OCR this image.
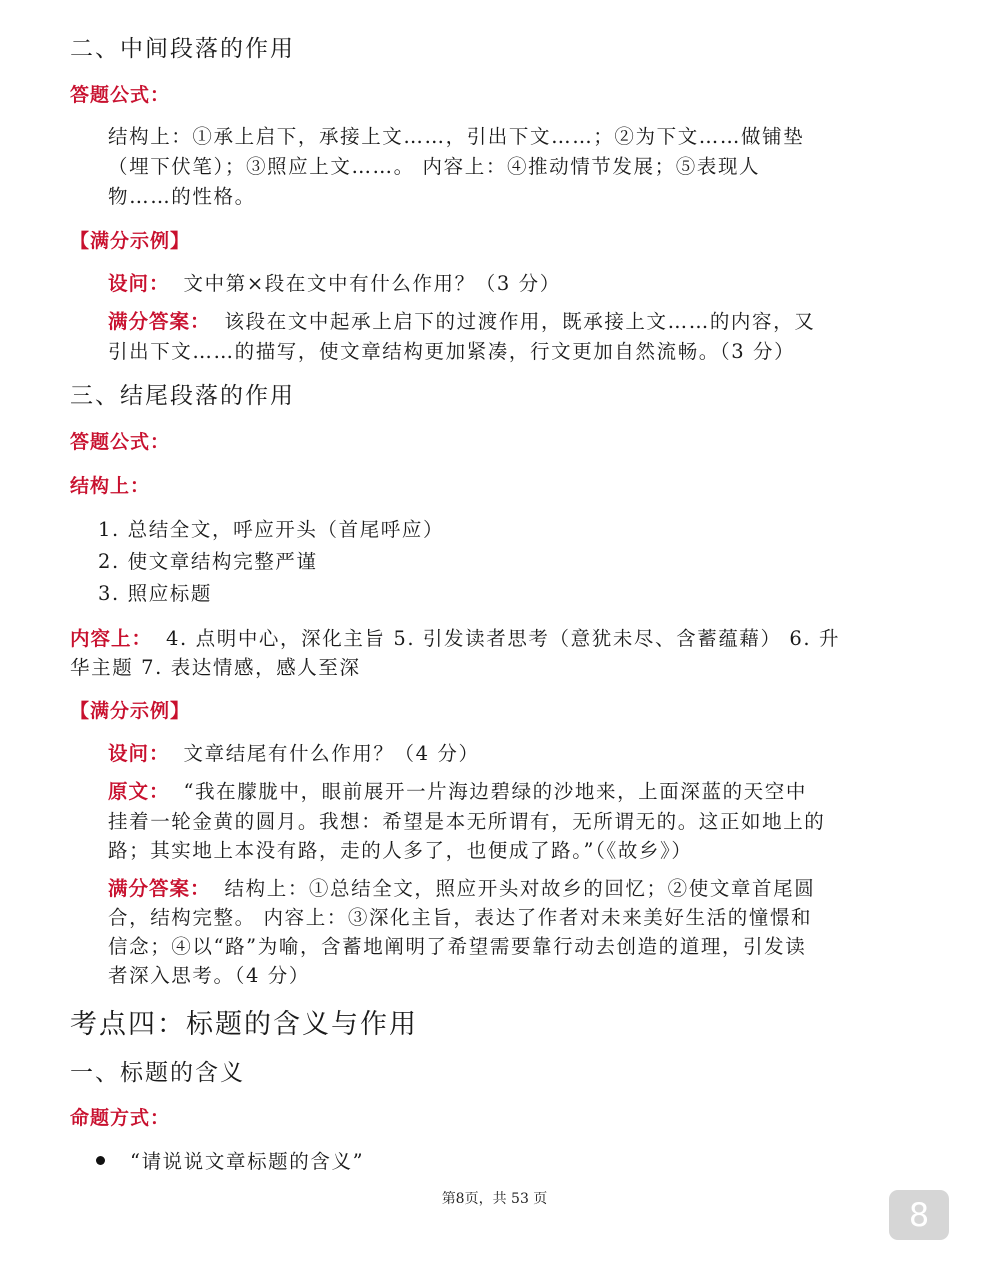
二、中间段落的作用
答题公式：
结构上：①承上启下，承接上文……，引出下文……；②为下文……做铺垫
（埋下伏笔）；③照应上文……。 内容上：④推动情节发展；⑤表现人
物……的性格。
【满分示例】
设问： 文中第×段在文中有什么作用？（3 分）
满分答案： 该段在文中起承上启下的过渡作用，既承接上文……的内容，又
引出下文……的描写，使文章结构更加紧凑，行文更加自然流畅。（3 分）
三、结尾段落的作用
答题公式：
结构上：
1. 总结全文，呼应开头（首尾呼应）
2. 使文章结构完整严谨
3. 照应标题
内容上： 4. 点明中心，深化主旨 5. 引发读者思考（意犹未尽、含蓄蕴藉） 6. 升
华主题 7. 表达情感，感人至深
【满分示例】
设问： 文章结尾有什么作用？（4 分）
原文： “我在朦胧中，眼前展开一片海边碧绿的沙地来，上面深蓝的天空中
挂着一轮金黄的圆月。我想：希望是本无所谓有，无所谓无的。这正如地上的
路；其实地上本没有路，走的人多了，也便成了路。”（《故乡》）
满分答案： 结构上：①总结全文，照应开头对故乡的回忆；②使文章首尾圆
合，结构完整。 内容上：③深化主旨，表达了作者对未来美好生活的憧憬和
信念；④以“路”为喻，含蓄地阐明了希望需要靠行动去创造的道理，引发读
者深入思考。（4 分）
考点四：标题的含义与作用
一、标题的含义
命题方式：
“请说说文章标题的含义”
第8页，共 53 页	8
